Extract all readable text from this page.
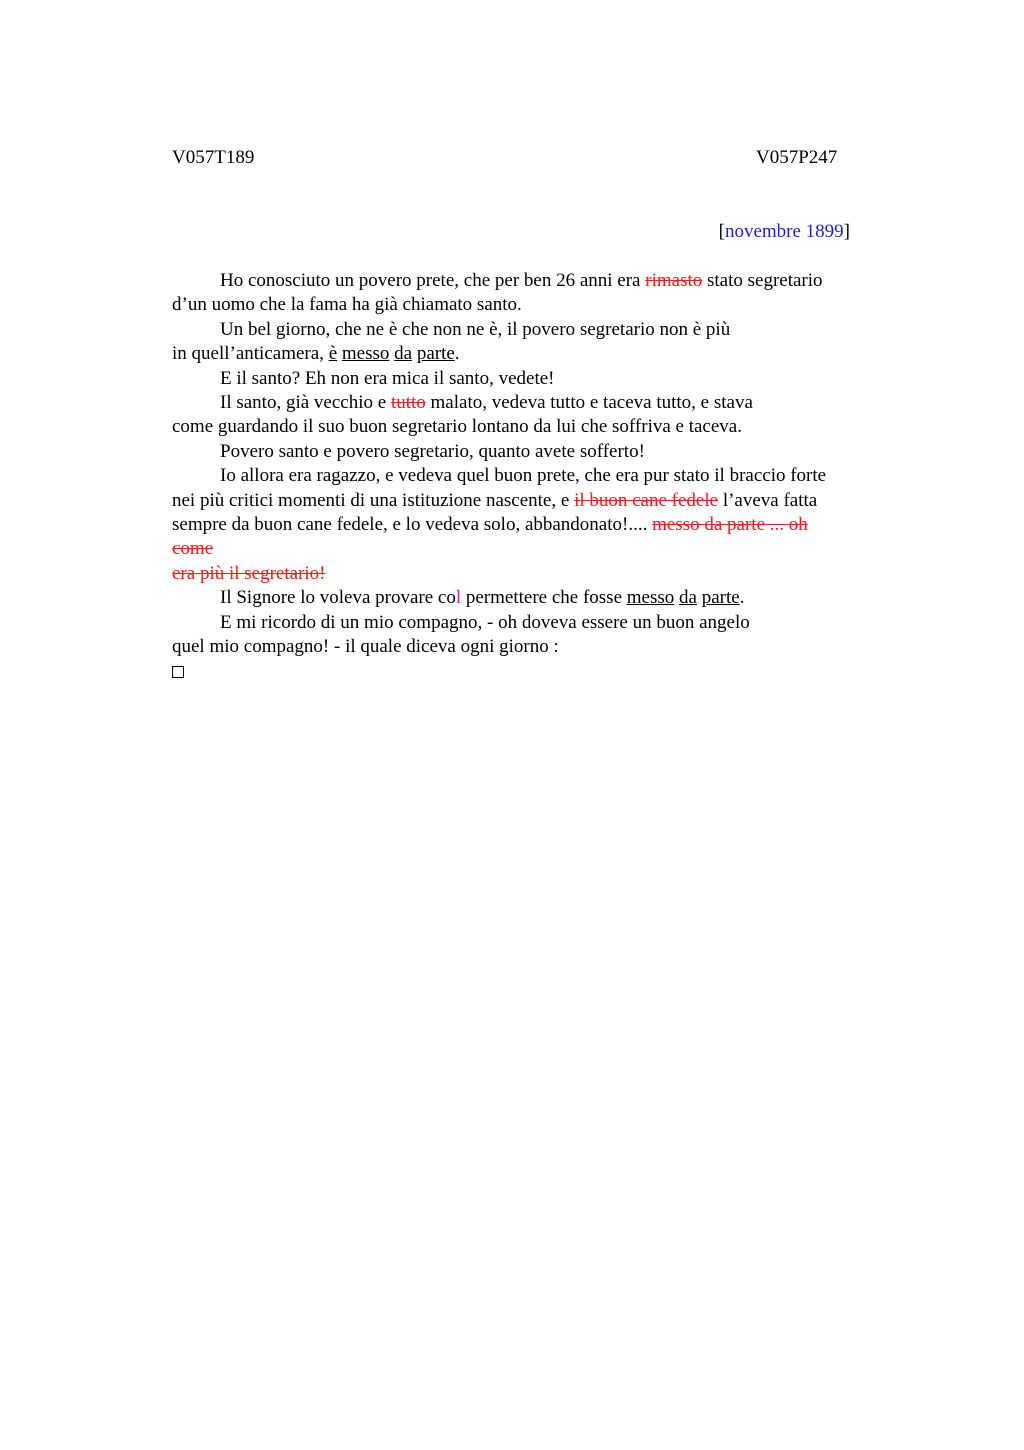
V057T189	V057P247
[novembre 1899]
Ho conosciuto un povero prete, che per ben 26 anni era rimasto stato segretario
d’un uomo che la fama ha già chiamato santo.
Un bel giorno, che ne è che non ne è, il povero segretario non è più
in quell’anticamera, è messo da parte.
E il santo? Eh non era mica il santo, vedete!
Il santo, già vecchio e tutto malato, vedeva tutto e taceva tutto, e stava
come guardando il suo buon segretario lontano da lui che soffriva e taceva.
Povero santo e povero segretario, quanto avete sofferto!
Io allora era ragazzo, e vedeva quel buon prete, che era pur stato il braccio forte
nei più critici momenti di una istituzione nascente, e il buon cane fedele l’aveva fatta
sempre da buon cane fedele, e lo vedeva solo, abbandonato!.... messo da parte ... oh
come
era più il segretario!
Il Signore lo voleva provare col permettere che fosse messo da parte.
E mi ricordo di un mio compagno, - oh doveva essere un buon angelo
quel mio compagno! - il quale diceva ogni giorno :
